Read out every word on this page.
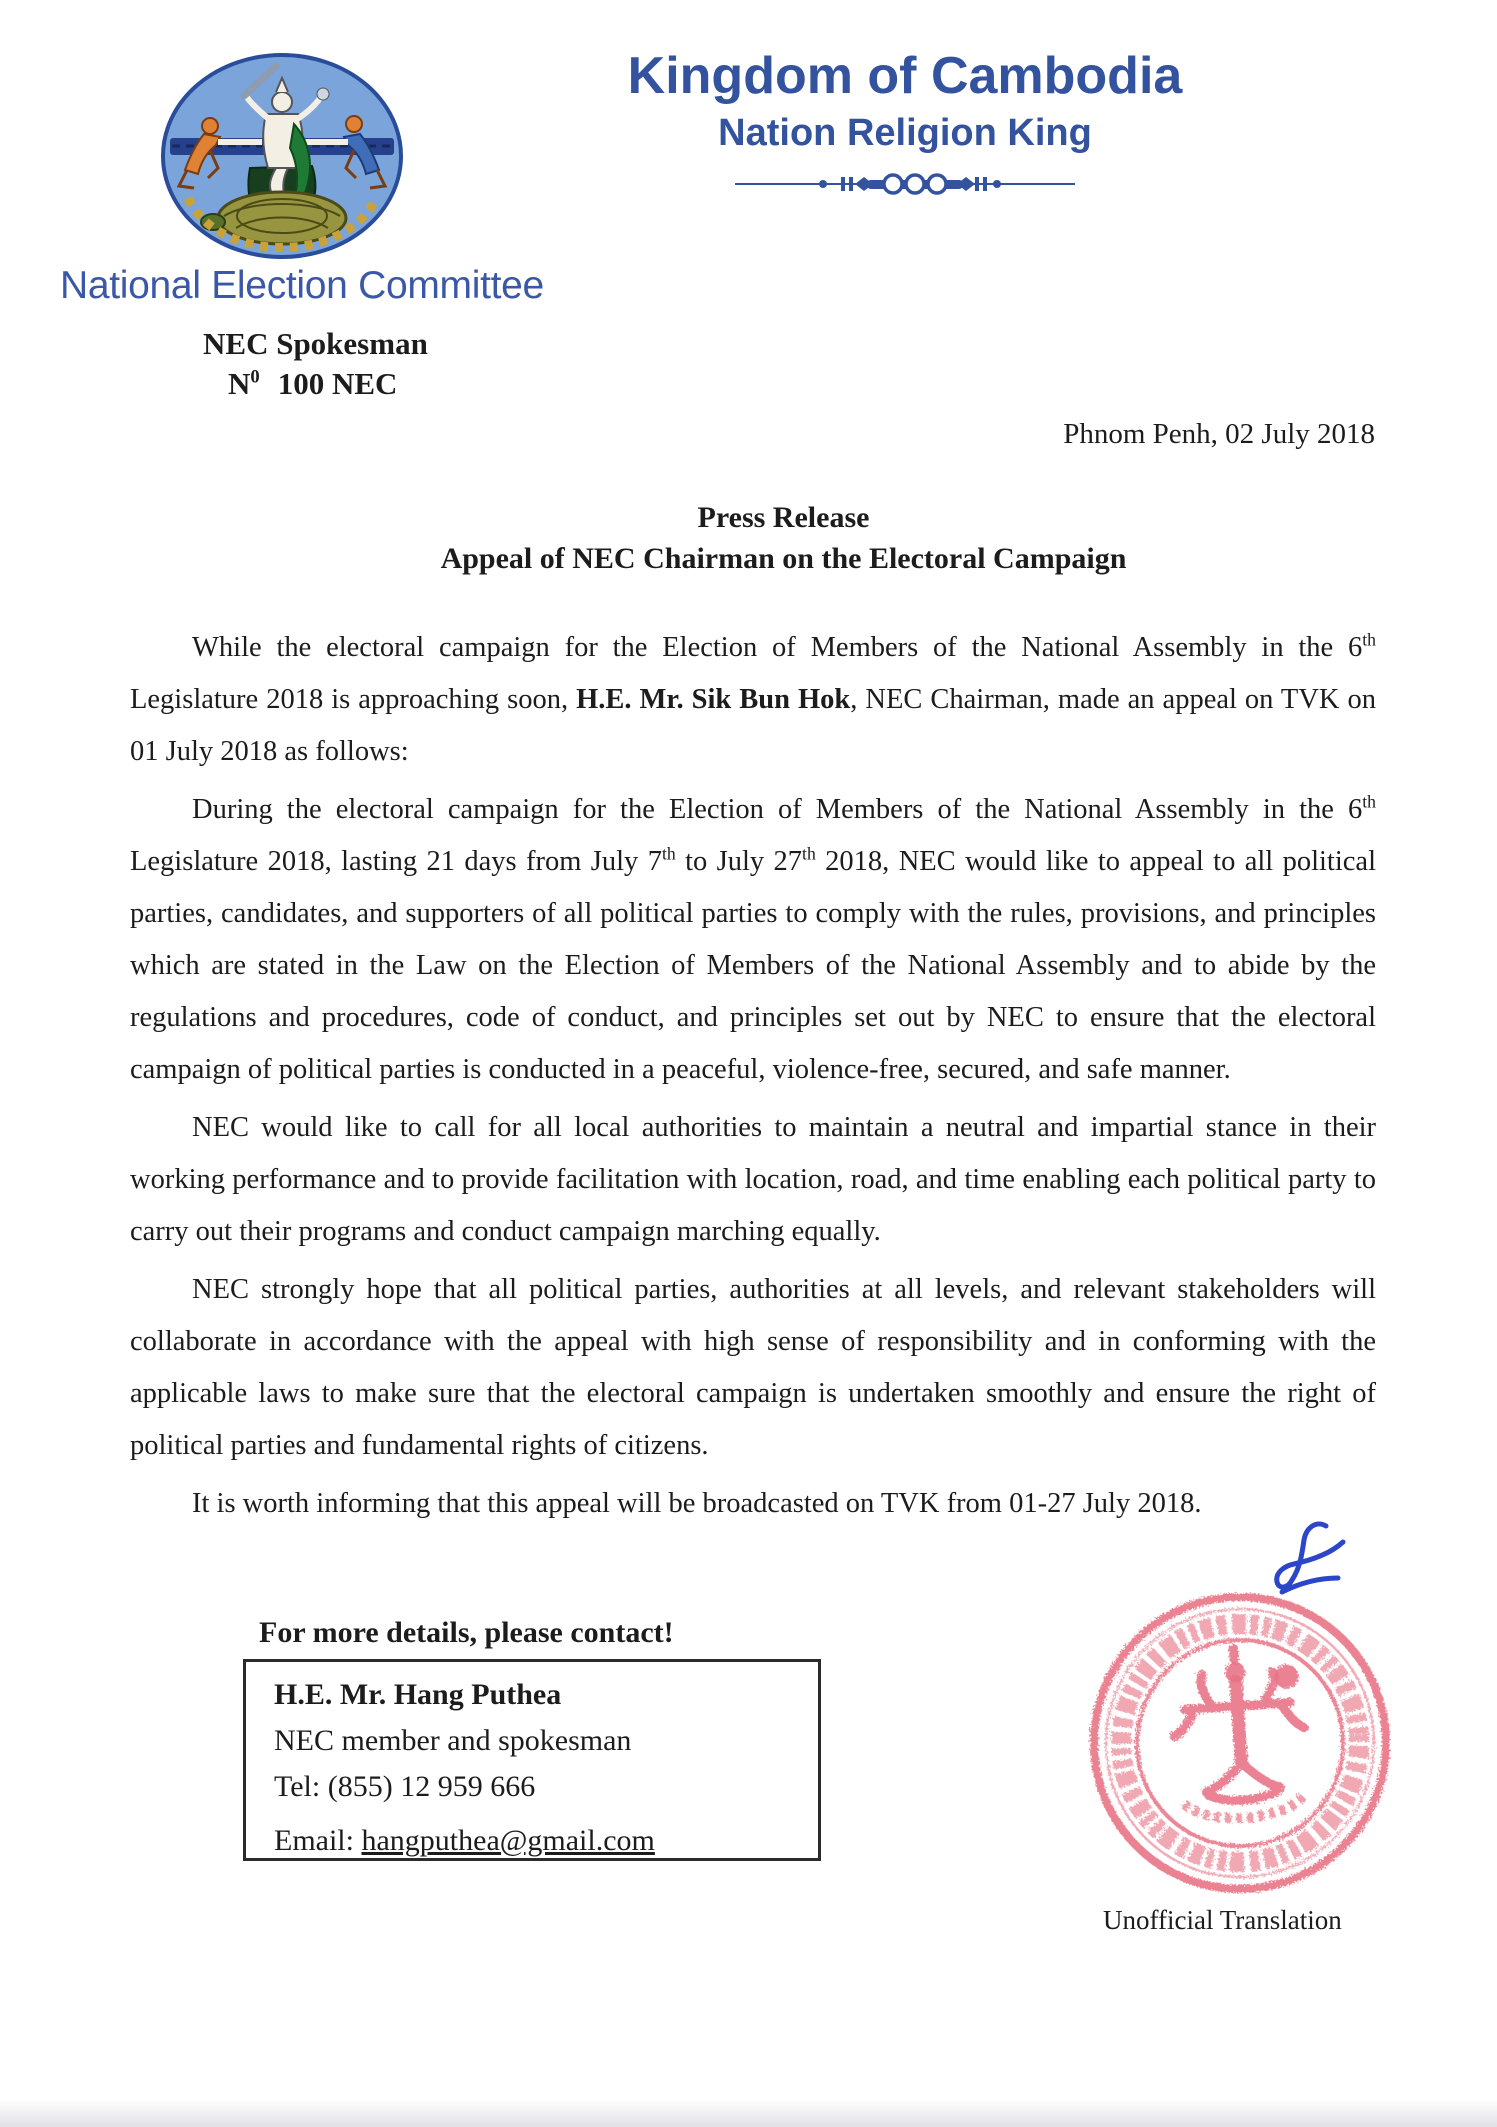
Kingdom of Cambodia
Nation Religion King
National Election Committee
NEC Spokesman
$N^0$ 100 NEC
Phnom Penh, 02 July 2018
Press Release
Appeal of NEC Chairman on the Electoral Campaign

While the electoral campaign for the Election of Members of the National Assembly in the 6th Legislature 2018 is approaching soon, H.E. Mr. Sik Bun Hok, NEC Chairman, made an appeal on TVK on 01 July 2018 as follows:

During the electoral campaign for the Election of Members of the National Assembly in the 6th Legislature 2018, lasting 21 days from July 7th to July 27th 2018, NEC would like to appeal to all political parties, candidates, and supporters of all political parties to comply with the rules, provisions, and principles which are stated in the Law on the Election of Members of the National Assembly and to abide by the regulations and procedures, code of conduct, and principles set out by NEC to ensure that the electoral campaign of political parties is conducted in a peaceful, violence-free, secured, and safe manner.

NEC would like to call for all local authorities to maintain a neutral and impartial stance in their working performance and to provide facilitation with location, road, and time enabling each political party to carry out their programs and conduct campaign marching equally.

NEC strongly hope that all political parties, authorities at all levels, and relevant stakeholders will collaborate in accordance with the appeal with high sense of responsibility and in conforming with the applicable laws to make sure that the electoral campaign is undertaken smoothly and ensure the right of political parties and fundamental rights of citizens.

It is worth informing that this appeal will be broadcasted on TVK from 01-27 July 2018.

For more details, please contact!
H.E. Mr. Hang Puthea
NEC member and spokesman
Tel: (855) 12 959 666
Email: hangputhea@gmail.com
Unofficial Translation
